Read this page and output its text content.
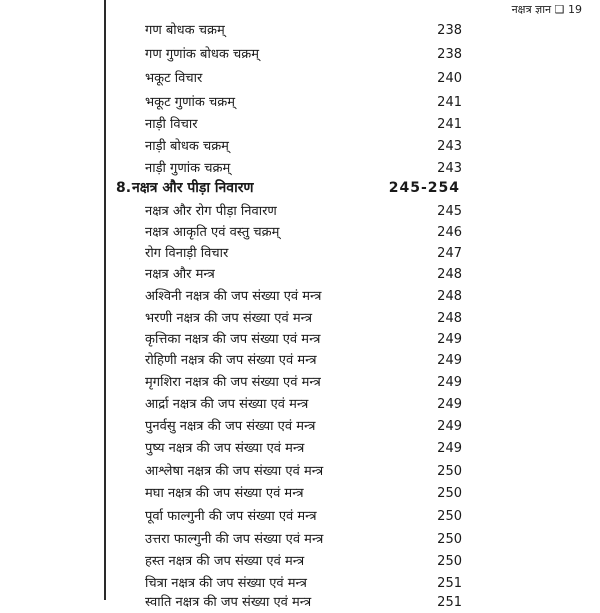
नक्षत्र ज्ञान ❑ 19
गण बोधक चक्रम्	238
गण गुणांक बोधक चक्रम्	238
भकूट विचार	240
भकूट गुणांक चक्रम्	241
नाड़ी विचार	241
नाड़ी बोधक चक्रम्	243
नाड़ी गुणांक चक्रम्	243
8. नक्षत्र और पीड़ा निवारण	245-254
नक्षत्र और रोग पीड़ा निवारण	245
नक्षत्र आकृति एवं वस्तु चक्रम्	246
रोग विनाड़ी विचार	247
नक्षत्र और मन्त्र	248
अश्विनी नक्षत्र की जप संख्या एवं मन्त्र	248
भरणी नक्षत्र की जप संख्या एवं मन्त्र	248
कृत्तिका नक्षत्र की जप संख्या एवं मन्त्र	249
रोहिणी नक्षत्र की जप संख्या एवं मन्त्र	249
मृगशिरा नक्षत्र की जप संख्या एवं मन्त्र	249
आर्द्रा नक्षत्र की जप संख्या एवं मन्त्र	249
पुनर्वसु नक्षत्र की जप संख्या एवं मन्त्र	249
पुष्य नक्षत्र की जप संख्या एवं मन्त्र	249
आश्लेषा नक्षत्र की जप संख्या एवं मन्त्र	250
मघा नक्षत्र की जप संख्या एवं मन्त्र	250
पूर्वा फाल्गुनी की जप संख्या एवं मन्त्र	250
उत्तरा फाल्गुनी की जप संख्या एवं मन्त्र	250
हस्त नक्षत्र की जप संख्या एवं मन्त्र	250
चित्रा नक्षत्र की जप संख्या एवं मन्त्र	251
स्वाति नक्षत्र की जप संख्या एवं मन्त्र	251
